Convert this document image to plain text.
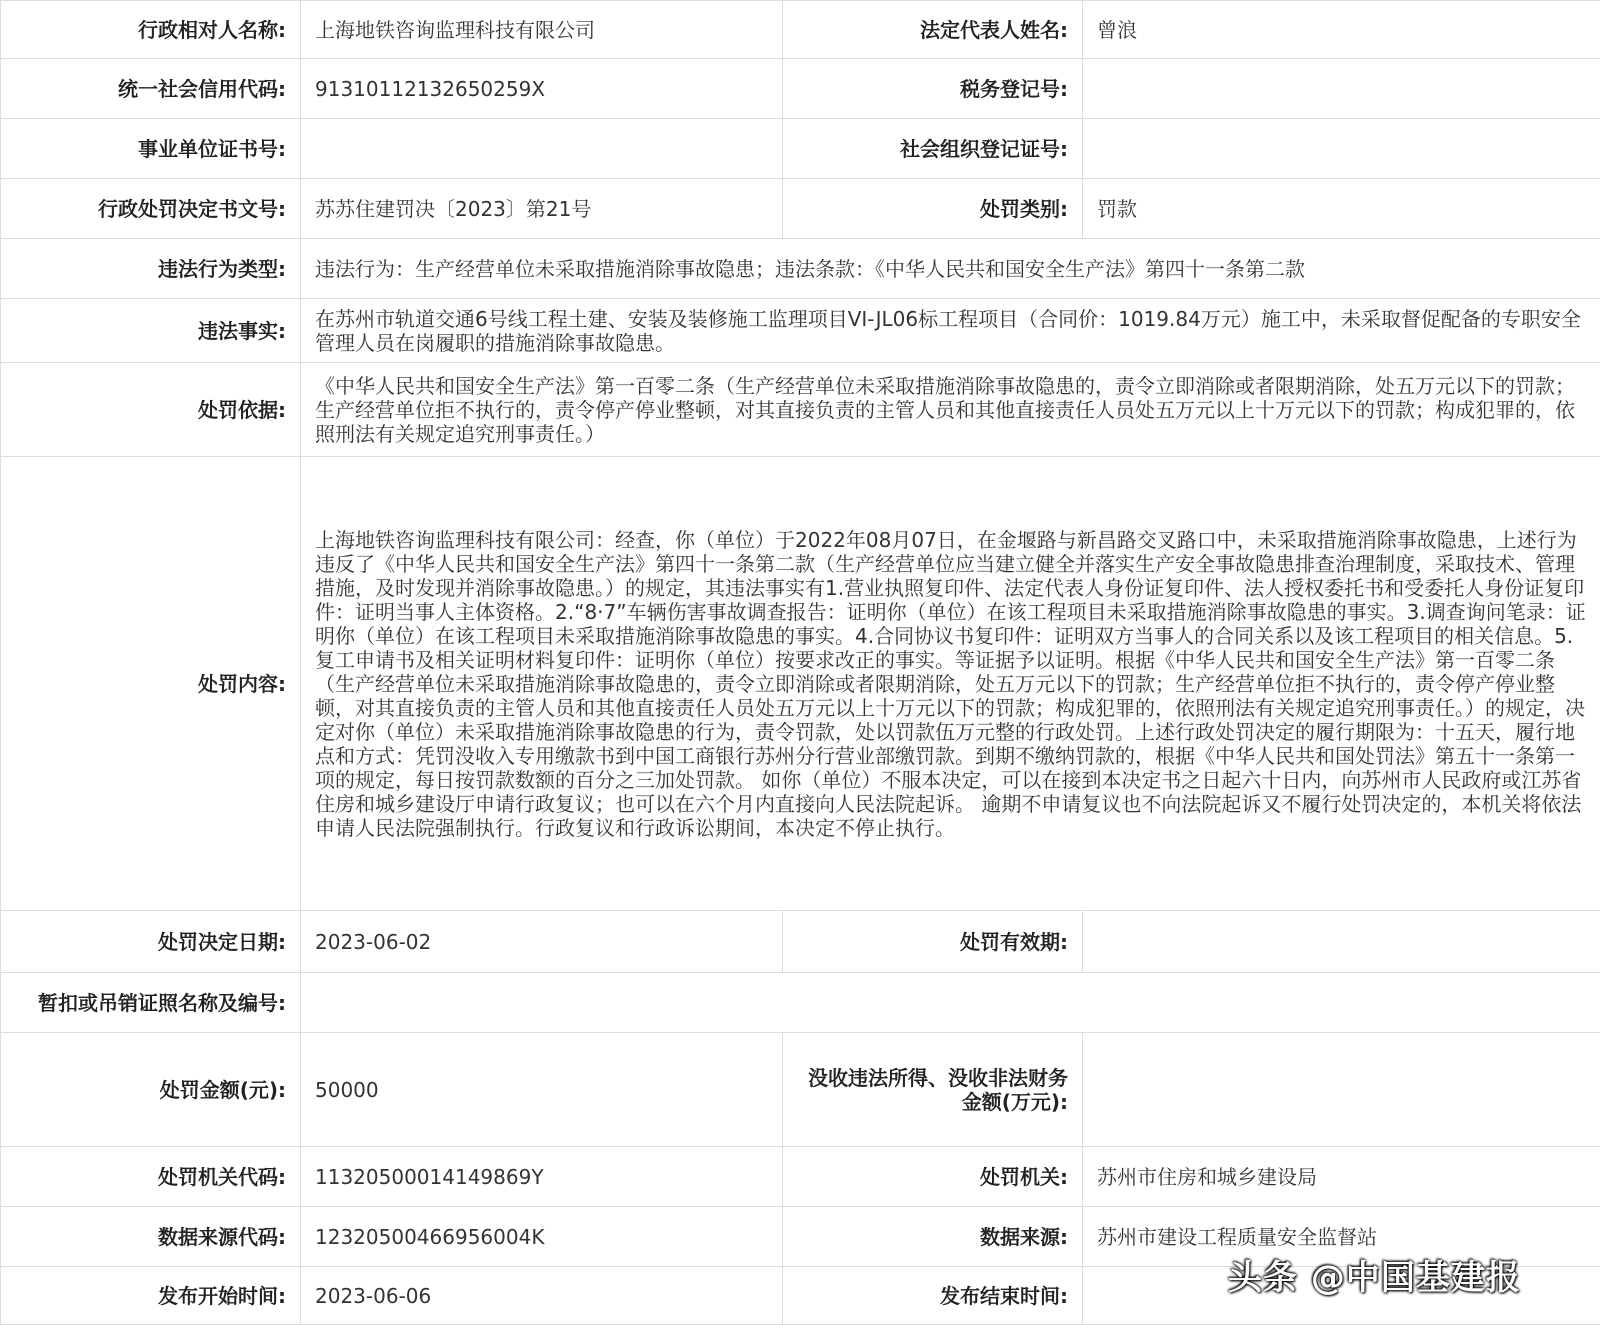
行政相对人名称:	上海地铁咨询监理科技有限公司	法定代表人姓名:	曾浪
统一社会信用代码:	9131011213265025​9X	税务登记号:	
事业单位证书号:		社会组织登记证号:	
行政处罚决定书文号:	苏苏住建罚决〔2023〕第21号	处罚类别:	罚款
违法行为类型:	违法行为：生产经营单位未采取措施消除事故隐患；违法条款：《中华人民共和国安全生产法》第四十一条第二款		
违法事实:	在苏州市轨道交通6号线工程土建、安装及装修施工监理项目VI-JL06标工程项目（合同价：1019.84万元）施工中，未采取督促配备的专职安全管理人员在岗履职的措施消除事故隐患。		
处罚依据:	《中华人民共和国安全生产法》第一百零二条（生产经营单位未采取措施消除事故隐患的，责令立即消除或者限期消除，处五万元以下的罚款；生产经营单位拒不执行的，责令停产停业整顿，对其直接负责的主管人员和其他直接责任人员处五万元以上十万元以下的罚款；构成犯罪的，依照刑法有关规定追究刑事责任。）		
处罚内容:	上海地铁咨询监理科技有限公司：经查，你（单位）于2022年08月07日，在金堰路与新昌路交叉路口中，未采取措施消除事故隐患，上述行为违反了《中华人民共和国安全生产法》第四十一条第二款（生产经营单位应当建立健全并落实生产安全事故隐患排查治理制度，采取技术、管理措施，及时发现并消除事故隐患。）的规定，其违法事实有1.营业执照复印件、法定代表人身份证复印件、法人授权委托书和受委托人身份证复印件：证明当事人主体资格。2.“8·7”车辆伤害事故调查报告：证明你（单位）在该工程项目未采取措施消除事故隐患的事实。3.调查询问笔录：证明你（单位）在该工程项目未采取措施消除事故隐患的事实。4.合同协议书复印件：证明双方当事人的合同关系以及该工程项目的相关信息。5.复工申请书及相关证明材料复印件：证明你（单位）按要求改正的事实。等证据予以证明。根据《中华人民共和国安全生产法》第一百零二条（生产经营单位未采取措施消除事故隐患的，责令立即消除或者限期消除，处五万元以下的罚款；生产经营单位拒不执行的，责令停产停业整顿，对其直接负责的主管人员和其他直接责任人员处五万元以上十万元以下的罚款；构成犯罪的，依照刑法有关规定追究刑事责任。）的规定，决定对你（单位）未采取措施消除事故隐患的行为，责令罚款，处以罚款伍万元整的行政处罚。上述行政处罚决定的履行期限为：十五天，履行地点和方式：凭罚没收入专用缴款书到中国工商银行苏州分行营业部缴罚款。到期不缴纳罚款的，根据《中华人民共和国处罚法》第五十一条第一项的规定，每日按罚款数额的百分之三加处罚款。 如你（单位）不服本决定，可以在接到本决定书之日起六十日内，向苏州市人民政府或江苏省住房和城乡建设厅申请行政复议；也可以在六个月内直接向人民法院起诉。 逾期不申请复议也不向法院起诉又不履行处罚决定的，本机关将依法申请人民法院强制执行。行政复议和行政诉讼期间，本决定不停止执行。		
处罚决定日期:	2023-06-02	处罚有效期:	
暂扣或吊销证照名称及编号:			
处罚金额(元):	50000	没收违法所得、没收非法财务
金额(万元):	
处罚机关代码:	11320500014149869Y	处罚机关:	苏州市住房和城乡建设局
数据来源代码:	12320500466956004K	数据来源:	苏州市建设工程质量安全监督站
发布开始时间:	2023-06-06	发布结束时间:		头条 @中国基建报
